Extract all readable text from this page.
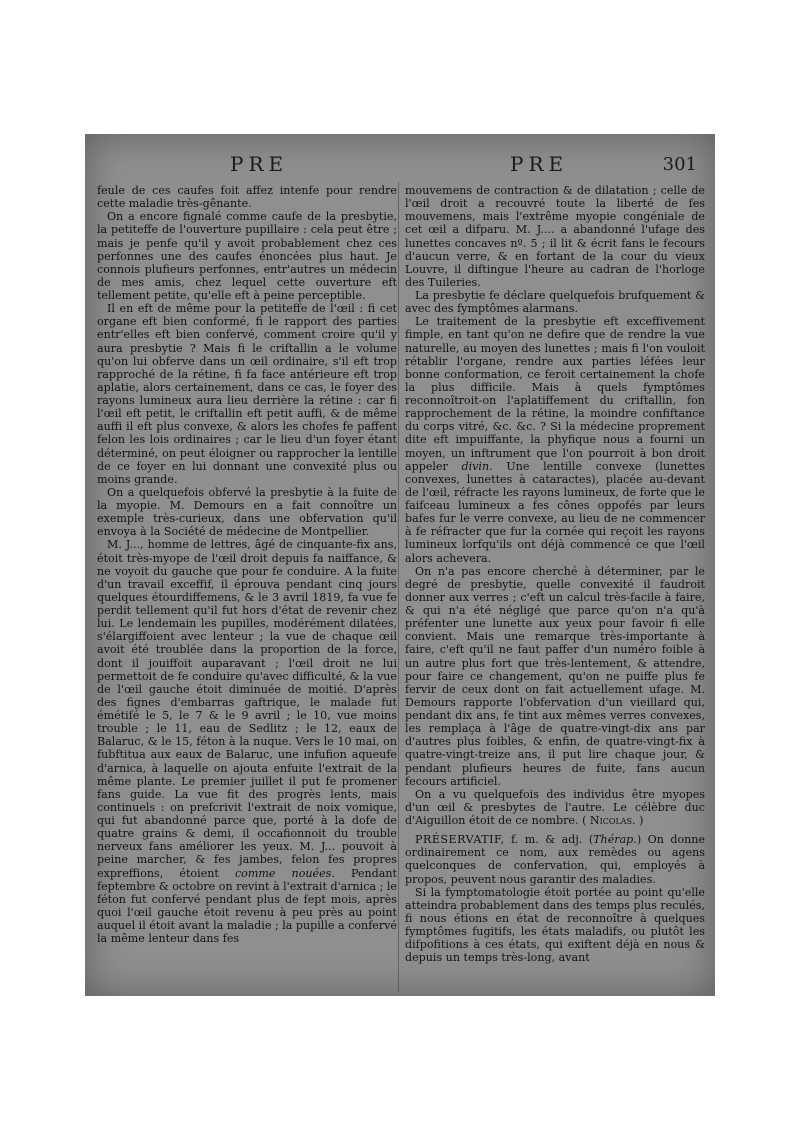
PRE	PRE	301

feule de ces caufes foit affez intenfe pour rendre cette maladie très-gênante.

On a encore fignalé comme caufe de la presbytie, la petiteffe de l'ouverture pupillaire : cela peut être ; mais je penfe qu'il y avoit probablement chez ces perfonnes une des caufes énoncées plus haut. Je connois plufieurs perfonnes, entr'autres un médecin de mes amis, chez lequel cette ouverture eft tellement petite, qu'elle eft à peine perceptible.

Il en eft de même pour la petiteffe de l'œil : fi cet organe eft bien conformé, fi le rapport des parties entr'elles eft bien confervé, comment croire qu'il y aura presbytie ? Mais fi le criftallin a le volume qu'on lui obferve dans un œil ordinaire, s'il eft trop rapproché de la rétine, fi fa face antérieure eft trop aplatie, alors certainement, dans ce cas, le foyer des rayons lumineux aura lieu derrière la rétine : car fi l'œil eft petit, le criftallin eft petit auffi, & de même auffi il eft plus convexe, & alors les chofes fe paffent felon les lois ordinaires ; car le lieu d'un foyer étant déterminé, on peut éloigner ou rapprocher la lentille de ce foyer en lui donnant une convexité plus ou moins grande.

On a quelquefois obfervé la presbytie à la fuite de la myopie. M. Demours en a fait connoître un exemple très-curieux, dans une obfervation qu'il envoya à la Société de médecine de Montpellier.

M. J..., homme de lettres, âgé de cinquante-fix ans, étoit très-myope de l'œil droit depuis fa naiffance, & ne voyoit du gauche que pour fe conduire. A la fuite d'un travail exceffif, il éprouva pendant cinq jours quelques étourdiffemens, & le 3 avril 1819, fa vue fe perdit tellement qu'il fut hors d'état de revenir chez lui. Le lendemain les pupilles, modérément dilatées, s'élargiffoient avec lenteur ; la vue de chaque œil avoit été troublée dans la proportion de la force, dont il jouiffoit auparavant ; l'œil droit ne lui permettoit de fe conduire qu'avec difficulté, & la vue de l'œil gauche étoit diminuée de moitié. D'après des fignes d'embarras gaftrique, le malade fut émétifé le 5, le 7 & le 9 avril ; le 10, vue moins trouble ; le 11, eau de Sedlitz ; le 12, eaux de Balaruc, & le 15, féton à la nuque. Vers le 10 mai, on fubftitua aux eaux de Balaruc, une infufion aqueufe d'arnica, à laquelle on ajouta enfuite l'extrait de la même plante. Le premier juillet il put fe promener fans guide. La vue fit des progrès lents, mais continuels : on prefcrivit l'extrait de noix vomique, qui fut abandonné parce que, porté à la dofe de quatre grains & demi, il occafionnoit du trouble nerveux fans améliorer les yeux. M. J... pouvoit à peine marcher, & fes jambes, felon fes propres expreffions, étoient comme nouées. Pendant feptembre & octobre on revint à l'extrait d'arnica ; le féton fut confervé pendant plus de fept mois, après quoi l'œil gauche étoit revenu à peu près au point auquel il étoit avant la maladie ; la pupille a confervé la même lenteur dans fes

mouvemens de contraction & de dilatation ; celle de l'œil droit a recouvré toute la liberté de fes mouvemens, mais l'extrême myopie congéniale de cet œil a difparu. M. J.... a abandonné l'ufage des lunettes concaves nº. 5 ; il lit & écrit fans le fecours d'aucun verre, & en fortant de la cour du vieux Louvre, il diftingue l'heure au cadran de l'horloge des Tuileries.

La presbytie fe déclare quelquefois brufquement & avec des fymptômes alarmans.

Le traitement de la presbytie eft exceffivement fimple, en tant qu'on ne defire que de rendre la vue naturelle, au moyen des lunettes ; mais fi l'on vouloit rétablir l'organe, rendre aux parties léfées leur bonne conformation, ce feroit certainement la chofe la plus difficile. Mais à quels fymptômes reconnoîtroit-on l'aplatiffement du criftallin, fon rapprochement de la rétine, la moindre confiftance du corps vitré, &c. &c. ? Si la médecine proprement dite eft impuiffante, la phyfique nous a fourni un moyen, un inftrument que l'on pourroit à bon droit appeler divin. Une lentille convexe (lunettes convexes, lunettes à cataractes), placée au-devant de l'œil, réfracte les rayons lumineux, de forte que le faifceau lumineux a fes cônes oppofés par leurs bafes fur le verre convexe, au lieu de ne commencer à fe réfracter que fur la cornée qui reçoit les rayons lumineux lorfqu'ils ont déjà commencé ce que l'œil alors achevera.

On n'a pas encore cherché à déterminer, par le degré de presbytie, quelle convexité il faudroit donner aux verres ; c'eft un calcul très-facile à faire, & qui n'a été négligé que parce qu'on n'a qu'à préfenter une lunette aux yeux pour favoir fi elle convient. Mais une remarque très-importante à faire, c'eft qu'il ne faut paffer d'un numéro foible à un autre plus fort que très-lentement, & attendre, pour faire ce changement, qu'on ne puiffe plus fe fervir de ceux dont on fait actuellement ufage. M. Demours rapporte l'obfervation d'un vieillard qui, pendant dix ans, fe tint aux mêmes verres convexes, les remplaça à l'âge de quatre-vingt-dix ans par d'autres plus foibles, & enfin, de quatre-vingt-fix à quatre-vingt-treize ans, il put lire chaque jour, & pendant plufieurs heures de fuite, fans aucun fecours artificiel.

On a vu quelquefois des individus être myopes d'un œil & presbytes de l'autre. Le célèbre duc d'Aiguillon étoit de ce nombre. ( Nicolas. )

PRÉSERVATIF, f. m. & adj. (Thérap.) On donne ordinairement ce nom, aux remèdes ou agens quelconques de confervation, qui, employés à propos, peuvent nous garantir des maladies.

Si la fymptomatologie étoit portée au point qu'elle atteindra probablement dans des temps plus reculés, fi nous étions en état de reconnoître à quelques fymptômes fugitifs, les états maladifs, ou plutôt les difpofitions à ces états, qui exiftent déjà en nous & depuis un temps très-long, avant
